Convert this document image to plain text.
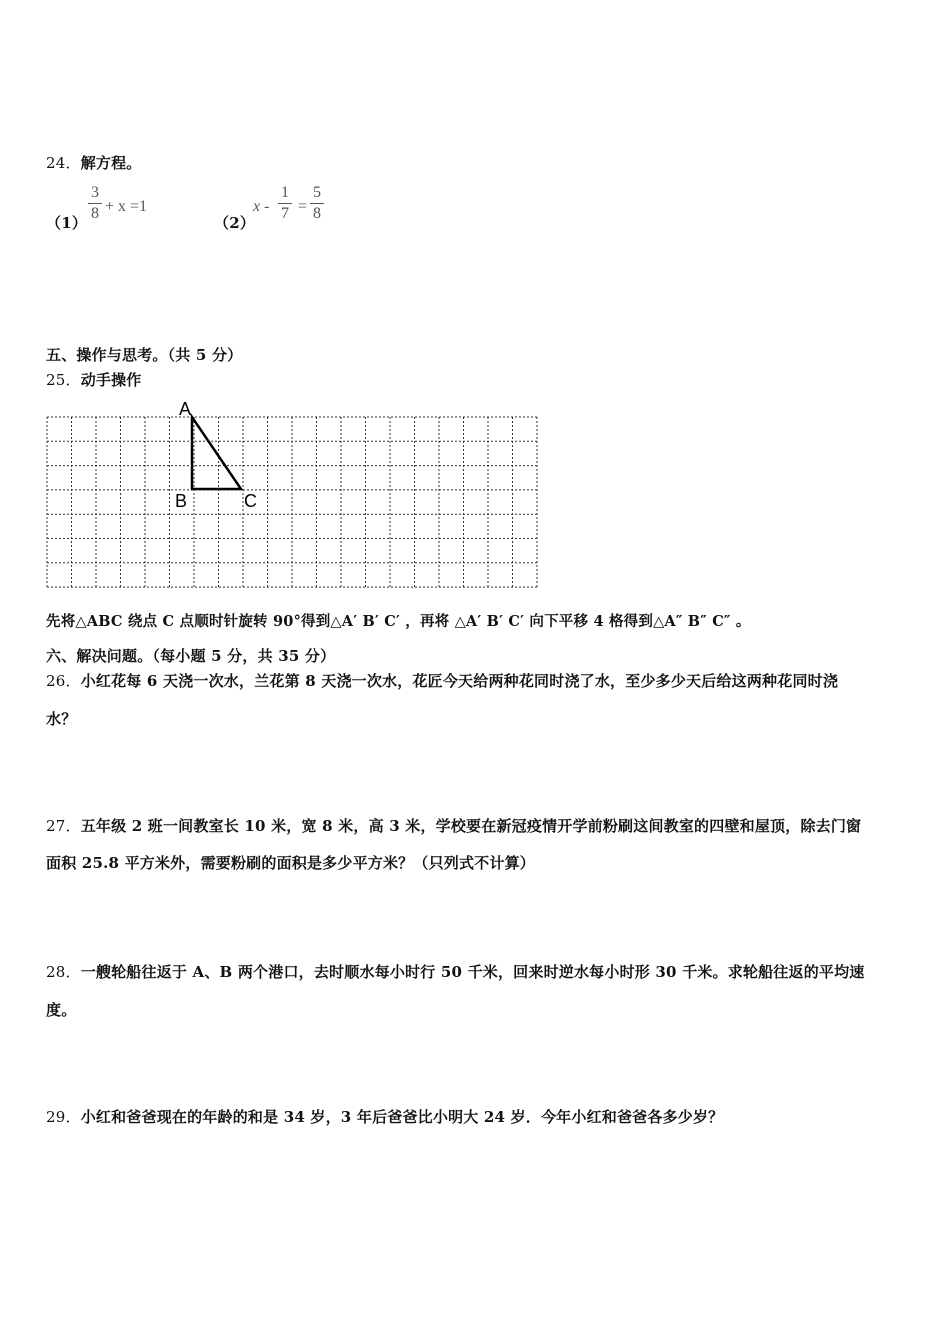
24．解方程。
（1）
3
8 + x =1
（2）
x -
1
7 =
5
8
五、操作与思考。（共 5 分）
25．动手操作
A
B	C
先将△ABC 绕点 C 点顺时针旋转 90°得到△A′ B′ C′ ，再将 △A′ B′ C′ 向下平移 4 格得到△A″ B″ C″ 。
六、解决问题。（每小题 5 分，共 35 分）
26．小红花每 6 天浇一次水，兰花第 8 天浇一次水，花匠今天给两种花同时浇了水，至少多少天后给这两种花同时浇
水？
27．五年级 2 班一间教室长 10 米，宽 8 米，高 3 米，学校要在新冠疫情开学前粉刷这间教室的四壁和屋顶，除去门窗
面积 25.8 平方米外，需要粉刷的面积是多少平方米？（只列式不计算）
28．一艘轮船往返于 A、B 两个港口，去时顺水每小时行 50 千米，回来时逆水每小时形 30 千米。求轮船往返的平均速
度。
29．小红和爸爸现在的年龄的和是 34 岁，3 年后爸爸比小明大 24 岁．今年小红和爸爸各多少岁？
